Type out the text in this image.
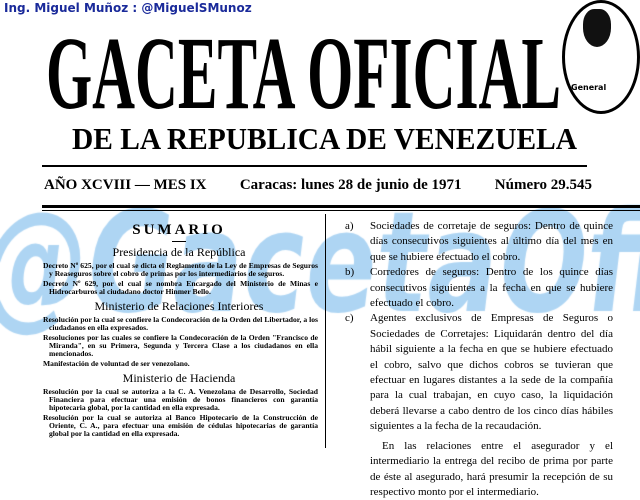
Ing. Miguel Muñoz : @MiguelSMunoz
GACETA OFICIAL General
DE LA REPUBLICA DE VENEZUELA
AÑO XCVIII — MES IX Caracas: lunes 28 de junio de 1971 Número 29.545
SUMARIO
Presidencia de la República

Decreto Nº 625, por el cual se dicta el Reglamento de la Ley de Empresas de Seguros y Reaseguros sobre el cobro de primas por los intermediarios de seguros.

Decreto Nº 629, por el cual se nombra Encargado del Ministerio de Minas e Hidrocarburos al ciudadano doctor Hinmer Bello.

Ministerio de Relaciones Interiores

Resolución por la cual se confiere la Condecoración de la Orden del Libertador, a los ciudadanos en ella expresados.

Resoluciones por las cuales se confiere la Condecoración de la Orden "Francisco de Miranda", en su Primera, Segunda y Tercera Clase a los ciudadanos en ella mencionados.

Manifestación de voluntad de ser venezolano.

Ministerio de Hacienda

Resolución por la cual se autoriza a la C. A. Venezolana de Desarrollo, Sociedad Financiera para efectuar una emisión de bonos financieros con garantía hipotecaria global, por la cantidad en ella expresada.

Resolución por la cual se autoriza al Banco Hipotecario de la Construcción de Oriente, C. A., para efectuar una emisión de cédulas hipotecarias de garantía global por la cantidad en ella expresada.

a)	Sociedades de corretaje de seguros: Dentro de quince días consecutivos siguientes al último día del mes en que se hubiere efectuado el cobro.
b)	Corredores de seguros: Dentro de los quince días consecutivos siguientes a la fecha en que se hubiere efectuado el cobro.
c)	Agentes exclusivos de Empresas de Seguros o Sociedades de Corretajes: Liquidarán dentro del día hábil siguiente a la fecha en que se hubiere efectuado el cobro, salvo que dichos cobros se tuvieran que efectuar en lugares distantes a la sede de la compañía para la cual trabajan, en cuyo caso, la liquidación deberá llevarse a cabo dentro de los cinco días hábiles siguientes a la fecha de la recaudación.

En las relaciones entre el asegurador y el intermediario la entrega del recibo de prima por parte de éste al asegurado, hará presumir la recepción de su respectivo monto por el intermediario.
